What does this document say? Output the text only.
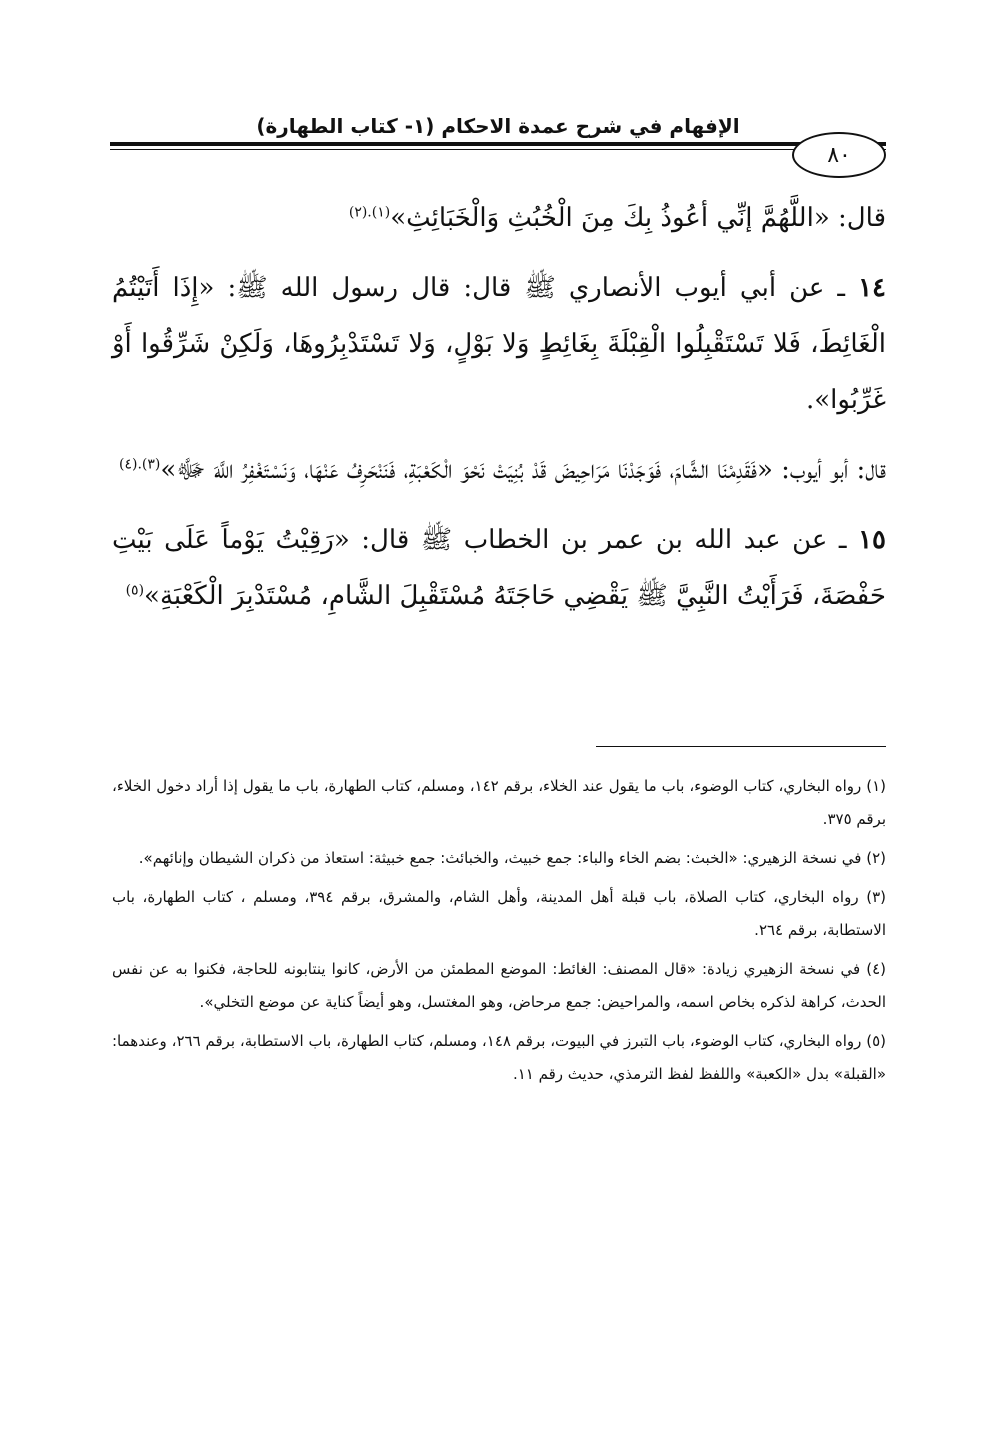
الإفهام في شرح عمدة الاحكام (١- كتاب الطهارة)
٨٠

قال: «اللَّهُمَّ إنِّي أعُوذُ بِكَ مِنَ الْخُبُثِ وَالْخَبَائِثِ»$^{(١).(٢)}$

١٤ ـ عن أبي أيوب الأنصاري ﷺ قال: قال رسول الله ﷺ: «إِذَا أَتَيْتُمُ الْغَائِطَ، فَلا تَسْتَقْبِلُوا الْقِبْلَةَ بِغَائِطٍ وَلا بَوْلٍ، وَلا تَسْتَدْبِرُوهَا، وَلَكِنْ شَرِّقُوا أَوْ غَرِّبُوا».

قال: أبو أيوب: «فَقَدِمْنَا الشَّامَ، فَوَجَدْنَا مَرَاحِيضَ قَدْ بُنِيَتْ نَحْوَ الْكَعْبَةِ، فَنَنْحَرِفُ عَنْهَا، وَنَسْتَغْفِرُ اللَّهَ ﷻ»$^{(٣).(٤)}$

١٥ ـ عن عبد الله بن عمر بن الخطاب ﷺ قال: «رَقِيْتُ يَوْماً عَلَى بَيْتِ حَفْصَةَ، فَرَأَيْتُ النَّبِيَّ ﷺ يَقْضِي حَاجَتَهُ مُسْتَقْبِلَ الشَّامِ، مُسْتَدْبِرَ الْكَعْبَةِ»$^{(٥)}$

(١) رواه البخاري، كتاب الوضوء، باب ما يقول عند الخلاء، برقم ١٤٢، ومسلم، كتاب الطهارة، باب ما يقول إذا أراد دخول الخلاء، برقم ٣٧٥.

(٢) في نسخة الزهيري: «الخبث: بضم الخاء والباء: جمع خبيث، والخبائث: جمع خبيثة: استعاذ من ذكران الشيطان وإنائهم».

(٣) رواه البخاري، كتاب الصلاة، باب قبلة أهل المدينة، وأهل الشام، والمشرق، برقم ٣٩٤، ومسلم ، كتاب الطهارة، باب الاستطابة، برقم ٢٦٤.

(٤) في نسخة الزهيري زيادة: «قال المصنف: الغائط: الموضع المطمئن من الأرض، كانوا ينتابونه للحاجة، فكنوا به عن نفس الحدث، كراهة لذكره بخاص اسمه، والمراحيض: جمع مرحاض، وهو المغتسل، وهو أيضاً كناية عن موضع التخلي».

(٥) رواه البخاري، كتاب الوضوء، باب التبرز في البيوت، برقم ١٤٨، ومسلم، كتاب الطهارة، باب الاستطابة، برقم ٢٦٦، وعندهما: «القبلة» بدل «الكعبة» واللفظ لفظ الترمذي، حديث رقم ١١.
